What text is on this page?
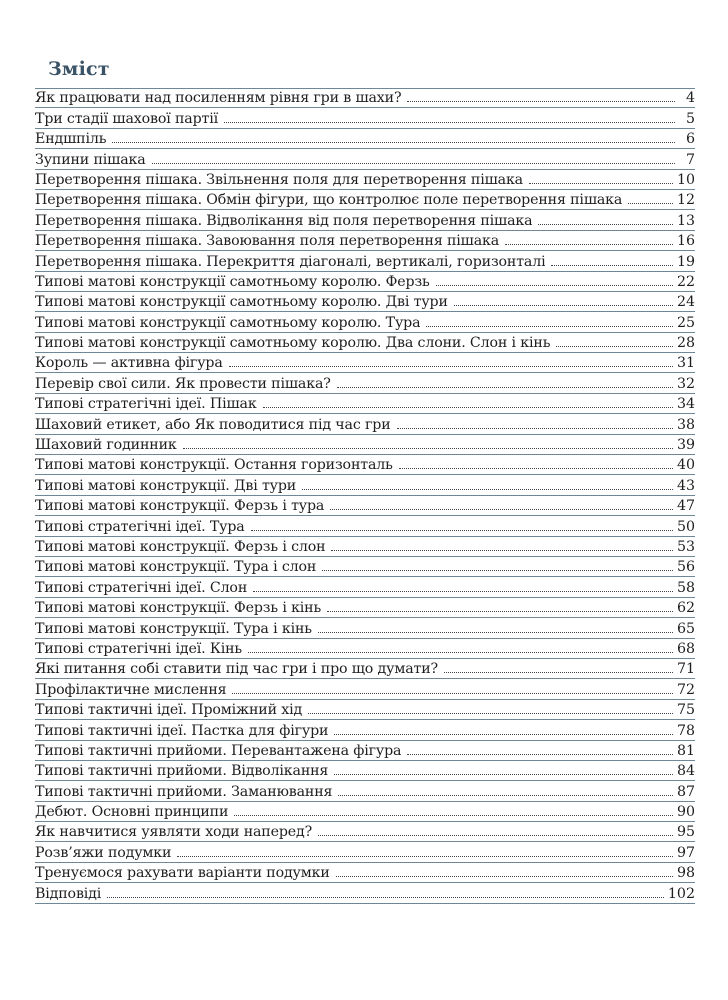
Зміст
Як працювати над посиленням рівня гри в шахи?	4
Три стадії шахової партії	5
Ендшпіль	6
Зупини пішака	7
Перетворення пішака. Звільнення поля для перетворення пішака	10
Перетворення пішака. Обмін фігури, що контролює поле перетворення пішака	12
Перетворення пішака. Відволікання від поля перетворення пішака	13
Перетворення пішака. Завоювання поля перетворення пішака	16
Перетворення пішака. Перекриття діагоналі, вертикалі, горизонталі	19
Типові матові конструкції самотньому королю. Ферзь	22
Типові матові конструкції самотньому королю. Дві тури	24
Типові матові конструкції самотньому королю. Тура	25
Типові матові конструкції самотньому королю. Два слони. Слон і кінь	28
Король — активна фігура	31
Перевір свої сили. Як провести пішака?	32
Типові стратегічні ідеї. Пішак	34
Шаховий етикет, або Як поводитися під час гри	38
Шаховий годинник	39
Типові матові конструкції. Остання горизонталь	40
Типові матові конструкції. Дві тури	43
Типові матові конструкції. Ферзь і тура	47
Типові стратегічні ідеї. Тура	50
Типові матові конструкції. Ферзь і слон	53
Типові матові конструкції. Тура і слон	56
Типові стратегічні ідеї. Слон	58
Типові матові конструкції. Ферзь і кінь	62
Типові матові конструкції. Тура і кінь	65
Типові стратегічні ідеї. Кінь	68
Які питання собі ставити під час гри і про що думати?	71
Профілактичне мислення	72
Типові тактичні ідеї. Проміжний хід	75
Типові тактичні ідеї. Пастка для фігури	78
Типові тактичні прийоми. Перевантажена фігура	81
Типові тактичні прийоми. Відволікання	84
Типові тактичні прийоми. Заманювання	87
Дебют. Основні принципи	90
Як навчитися уявляти ходи наперед?	95
Розв’яжи подумки	97
Тренуємося рахувати варіанти подумки	98
Відповіді	102
